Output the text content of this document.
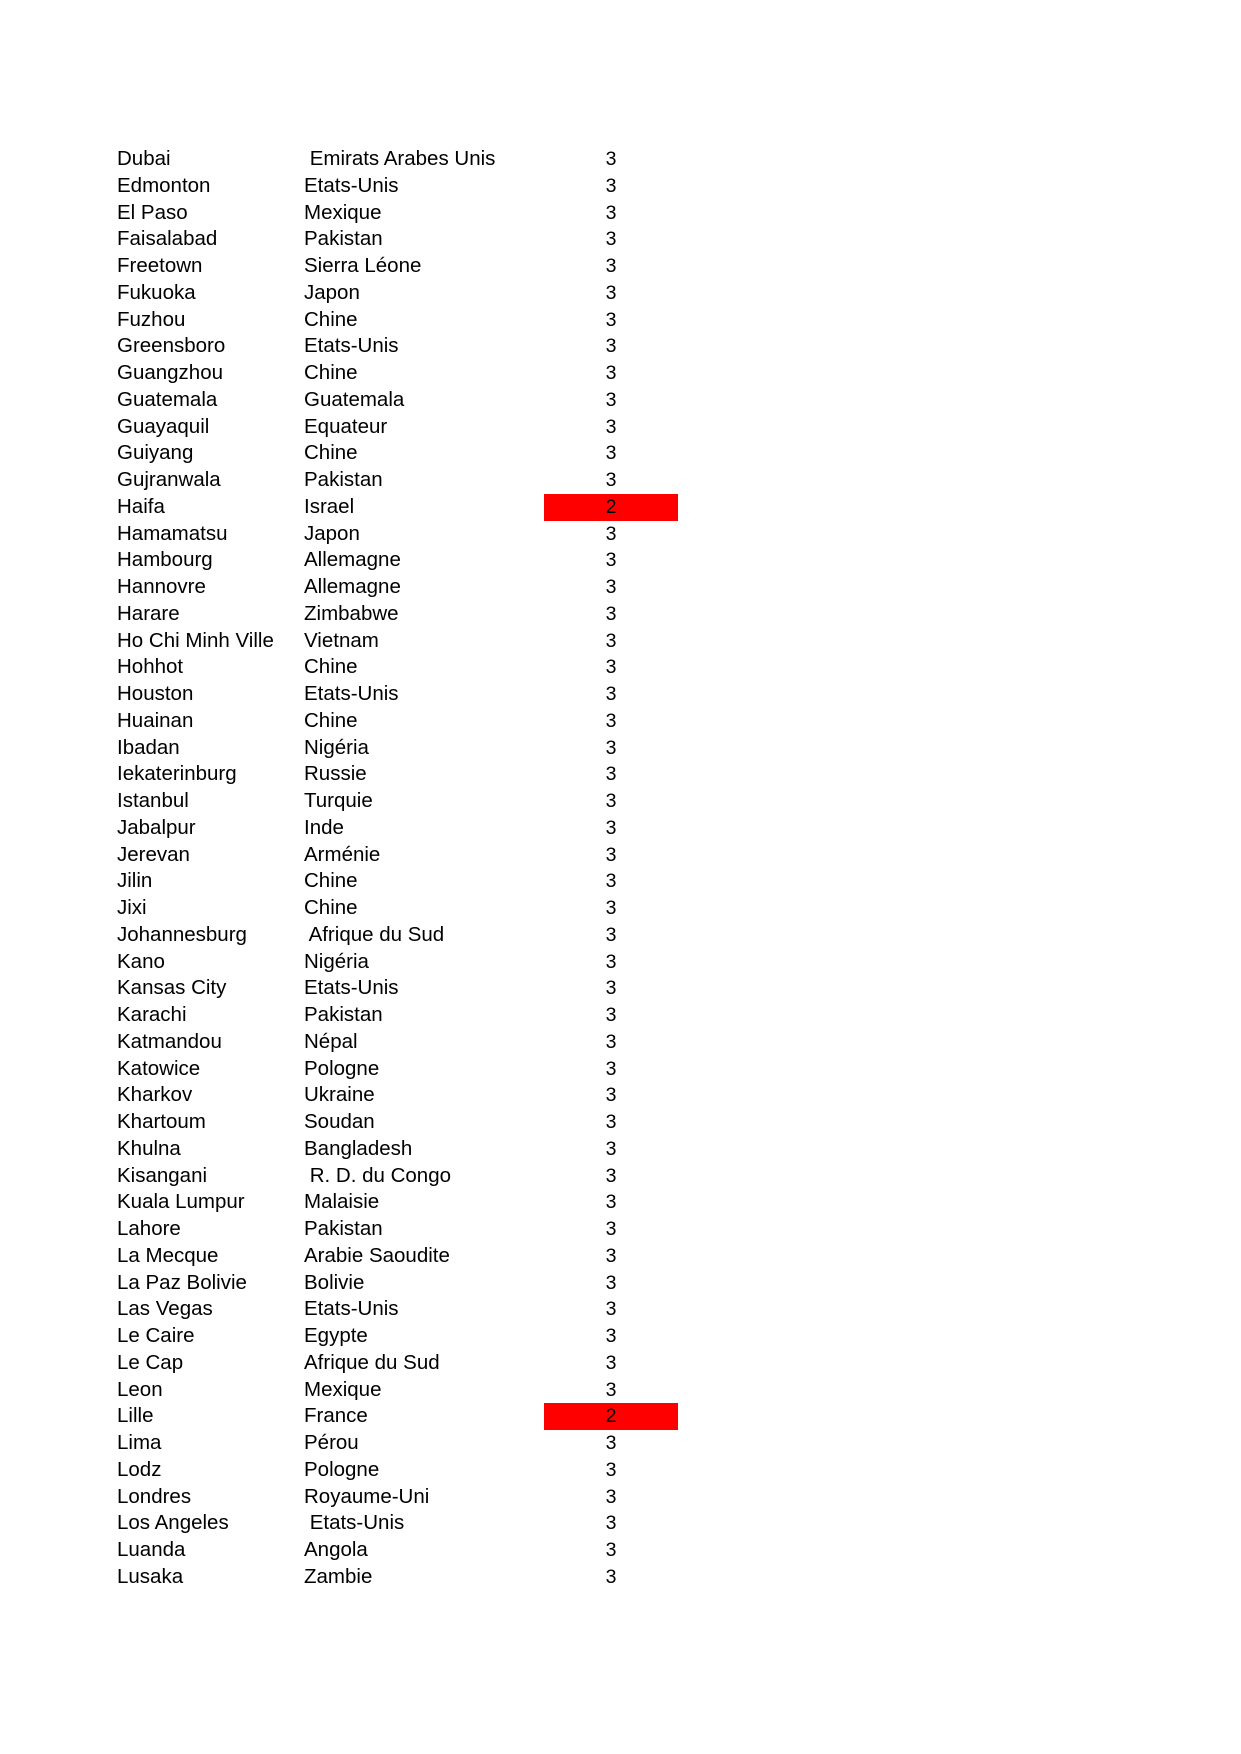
Dubai	Emirats Arabes Unis	3
Edmonton	Etats-Unis	3
El Paso	Mexique	3
Faisalabad	Pakistan	3
Freetown	Sierra Léone	3
Fukuoka	Japon	3
Fuzhou	Chine	3
Greensboro	Etats-Unis	3
Guangzhou	Chine	3
Guatemala	Guatemala	3
Guayaquil	Equateur	3
Guiyang	Chine	3
Gujranwala	Pakistan	3
Haifa	Israel	2
Hamamatsu	Japon	3
Hambourg	Allemagne	3
Hannovre	Allemagne	3
Harare	Zimbabwe	3
Ho Chi Minh Ville	Vietnam	3
Hohhot	Chine	3
Houston	Etats-Unis	3
Huainan	Chine	3
Ibadan	Nigéria	3
Iekaterinburg	Russie	3
Istanbul	Turquie	3
Jabalpur	Inde	3
Jerevan	Arménie	3
Jilin	Chine	3
Jixi	Chine	3
Johannesburg	Afrique du Sud	3
Kano	Nigéria	3
Kansas City	Etats-Unis	3
Karachi	Pakistan	3
Katmandou	Népal	3
Katowice	Pologne	3
Kharkov	Ukraine	3
Khartoum	Soudan	3
Khulna	Bangladesh	3
Kisangani	R. D. du Congo	3
Kuala Lumpur	Malaisie	3
Lahore	Pakistan	3
La Mecque	Arabie Saoudite	3
La Paz Bolivie	Bolivie	3
Las Vegas	Etats-Unis	3
Le Caire	Egypte	3
Le Cap	Afrique du Sud	3
Leon	Mexique	3
Lille	France	2
Lima	Pérou	3
Lodz	Pologne	3
Londres	Royaume-Uni	3
Los Angeles	Etats-Unis	3
Luanda	Angola	3
Lusaka	Zambie	3
